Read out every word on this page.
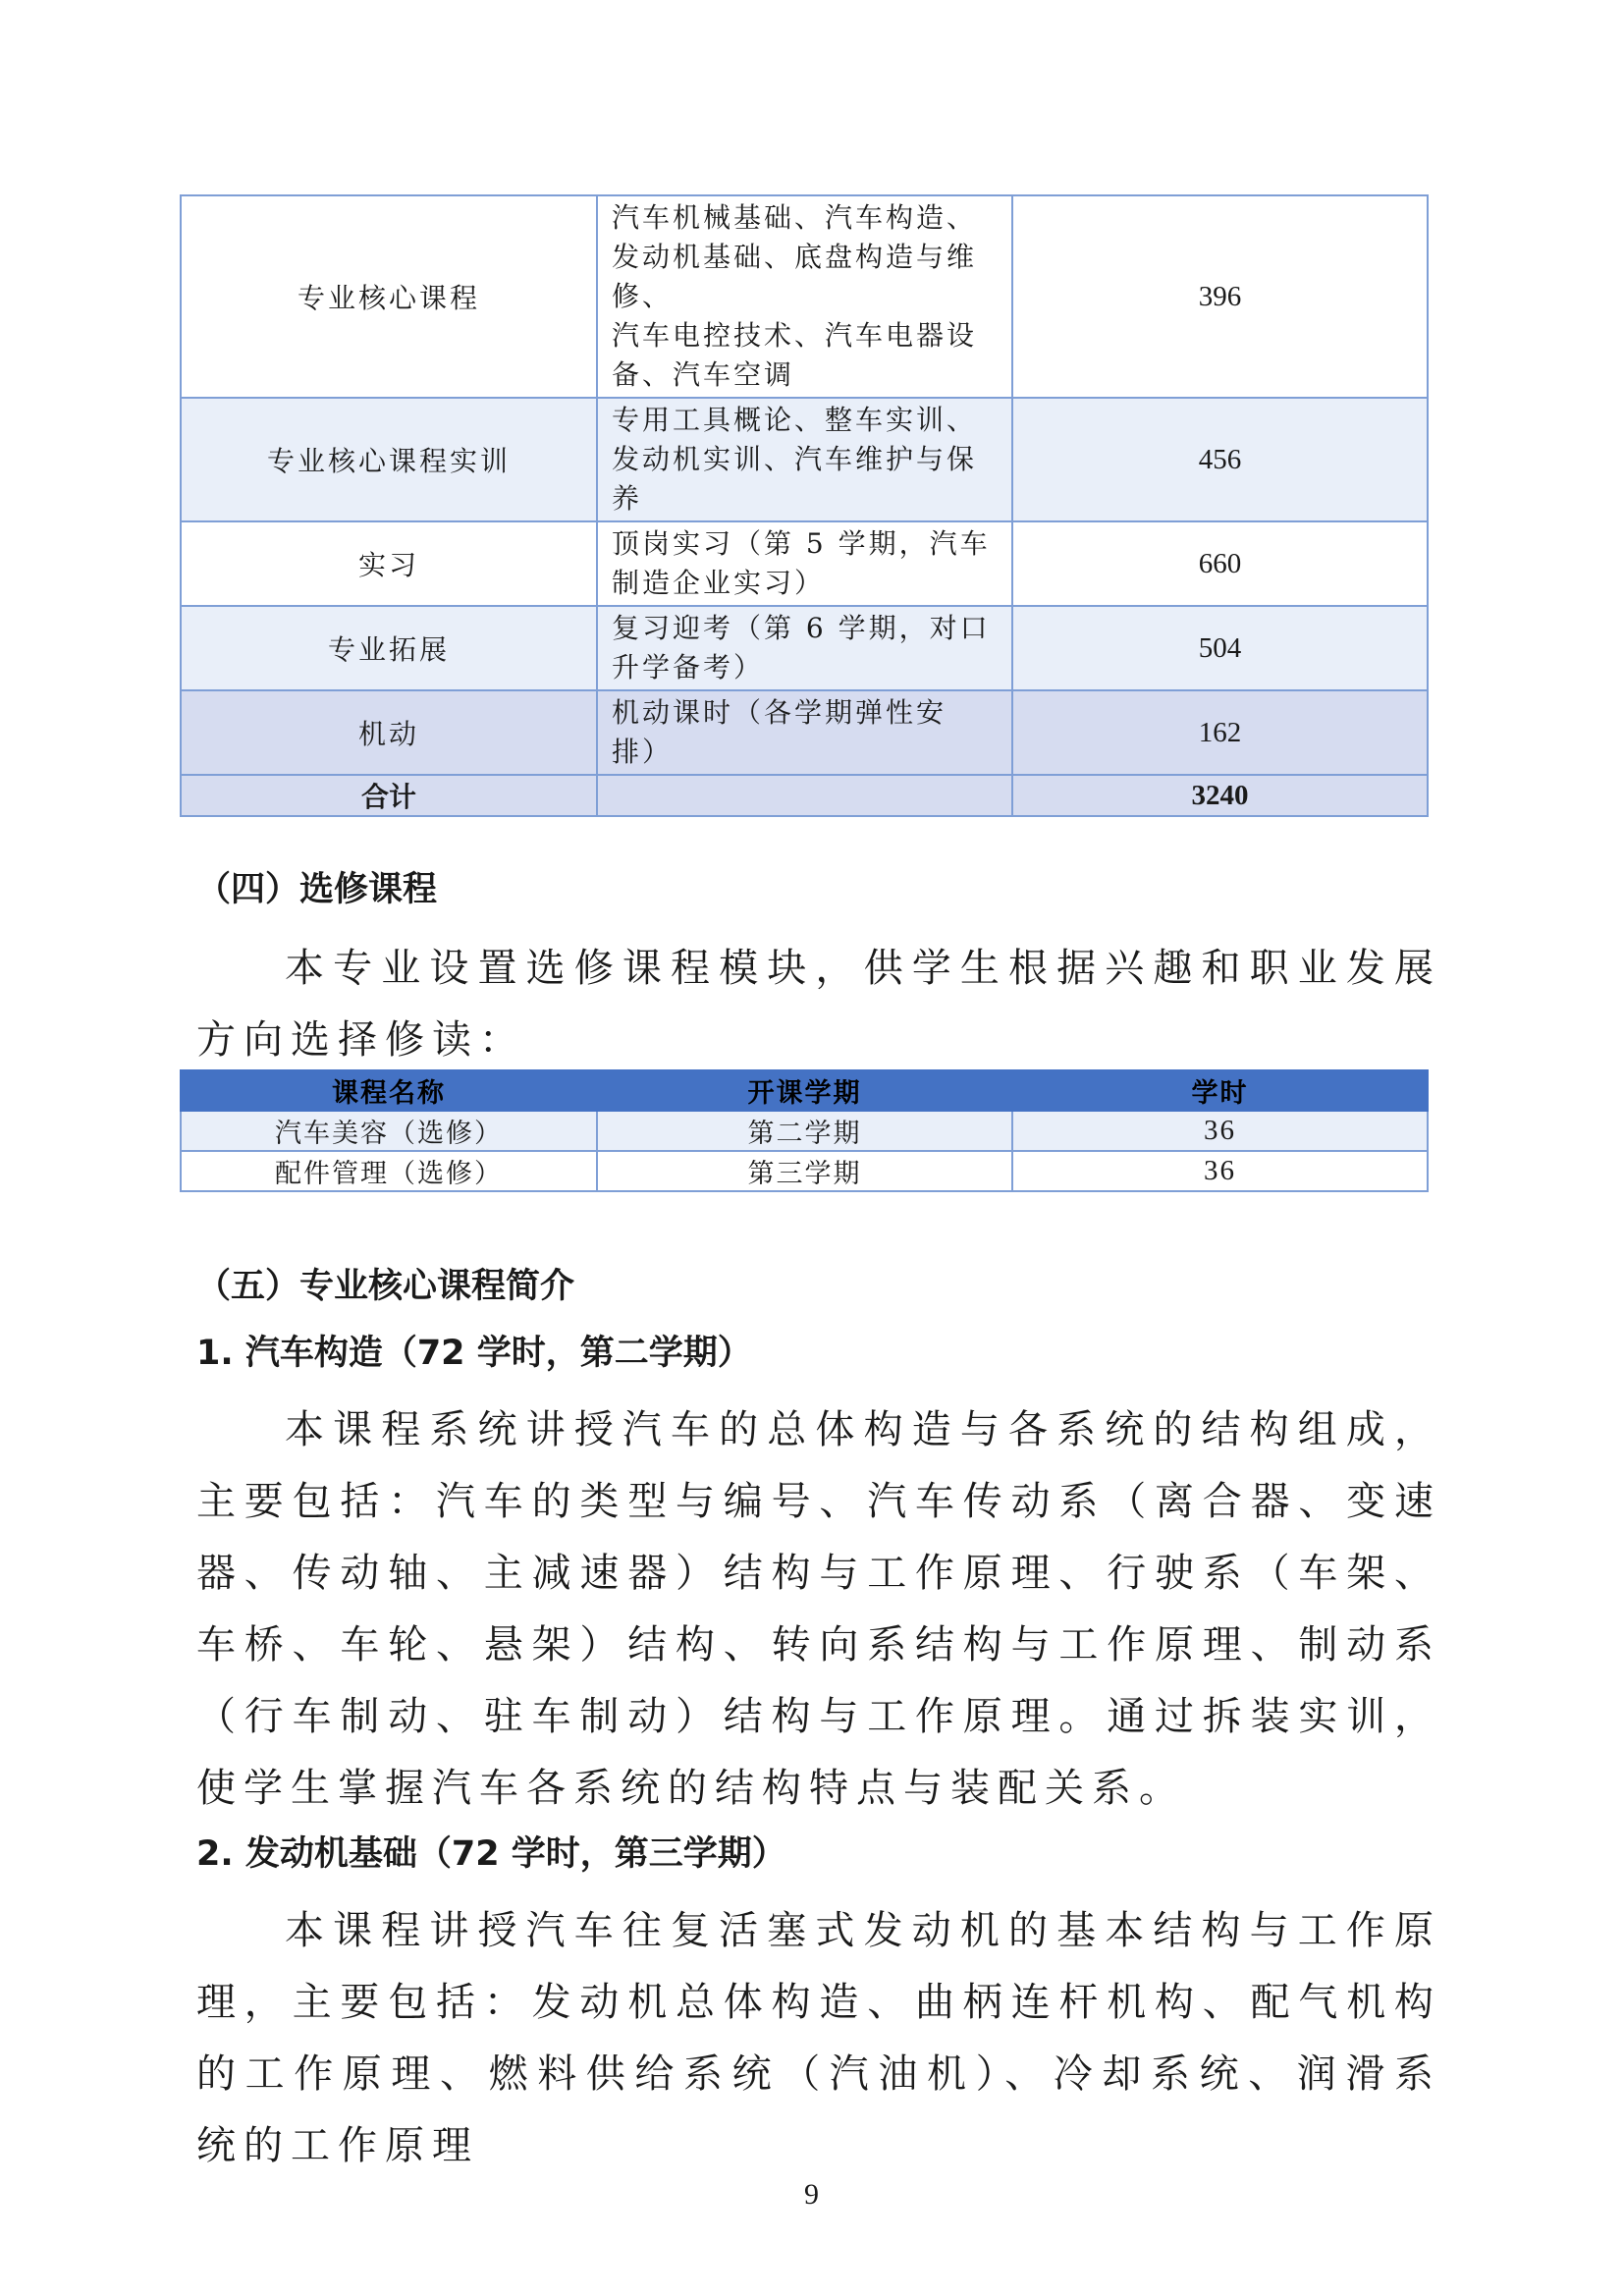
专业核心课程	汽车机械基础、汽车构造、
发动机基础、底盘构造与维
修、
汽车电控技术、汽车电器设
备、汽车空调	396
专业核心课程实训	专用工具概论、整车实训、
发动机实训、汽车维护与保
养	456
实习	顶岗实习（第 5 学期，汽车
制造企业实习）	660
专业拓展	复习迎考（第 6 学期，对口
升学备考）	504
机动	机动课时（各学期弹性安
排）	162
合计		3240
（四）选修课程

本专业设置选修课程模块，供学生根据兴趣和职业发展方向选择修读：

课程名称	开课学期	学时
汽车美容（选修）	第二学期	36
配件管理（选修）	第三学期	36
（五）专业核心课程简介
1. 汽车构造（72 学时，第二学期）

本课程系统讲授汽车的总体构造与各系统的结构组成，主要包括：汽车的类型与编号、汽车传动系（离合器、变速器、传动轴、主减速器）结构与工作原理、行驶系（车架、车桥、车轮、悬架）结构、转向系结构与工作原理、制动系（行车制动、驻车制动）结构与工作原理。通过拆装实训，使学生掌握汽车各系统的结构特点与装配关系。

2. 发动机基础（72 学时，第三学期）

本课程讲授汽车往复活塞式发动机的基本结构与工作原理，主要包括：发动机总体构造、曲柄连杆机构、配气机构的工作原理、燃料供给系统（汽油机）、冷却系统、润滑系统的工作原理

9
